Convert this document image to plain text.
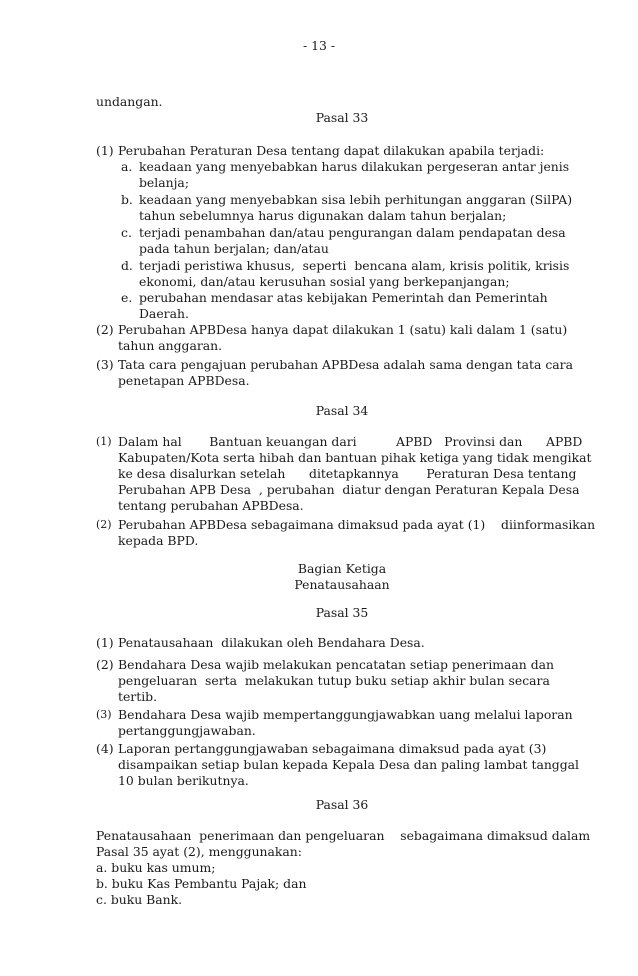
- 13 -
undangan.
Pasal 33
(1) Perubahan Peraturan Desa tentang dapat dilakukan apabila terjadi:
a. keadaan yang menyebabkan harus dilakukan pergeseran antar jenis
belanja;
b. keadaan yang menyebabkan sisa lebih perhitungan anggaran (SilPA)
tahun sebelumnya harus digunakan dalam tahun berjalan;
c. terjadi penambahan dan/atau pengurangan dalam pendapatan desa
pada tahun berjalan; dan/atau
d. terjadi peristiwa khusus,  seperti  bencana alam, krisis politik, krisis
ekonomi, dan/atau kerusuhan sosial yang berkepanjangan;
e. perubahan mendasar atas kebijakan Pemerintah dan Pemerintah
Daerah.
(2) Perubahan APBDesa hanya dapat dilakukan 1 (satu) kali dalam 1 (satu)
tahun anggaran.
(3) Tata cara pengajuan perubahan APBDesa adalah sama dengan tata cara
penetapan APBDesa.
Pasal 34
(1) Dalam hal       Bantuan keuangan dari          APBD   Provinsi dan      APBD
Kabupaten/Kota serta hibah dan bantuan pihak ketiga yang tidak mengikat
ke desa disalurkan setelah      ditetapkannya       Peraturan Desa tentang
Perubahan APB Desa  , perubahan  diatur dengan Peraturan Kepala Desa
tentang perubahan APBDesa.
(2) Perubahan APBDesa sebagaimana dimaksud pada ayat (1)    diinformasikan
kepada BPD.
Bagian Ketiga
Penatausahaan
Pasal 35
(1) Penatausahaan  dilakukan oleh Bendahara Desa.
(2) Bendahara Desa wajib melakukan pencatatan setiap penerimaan dan
pengeluaran  serta  melakukan tutup buku setiap akhir bulan secara
tertib.
(3) Bendahara Desa wajib mempertanggungjawabkan uang melalui laporan
pertanggungjawaban.
(4) Laporan pertanggungjawaban sebagaimana dimaksud pada ayat (3)
disampaikan setiap bulan kepada Kepala Desa dan paling lambat tanggal
10 bulan berikutnya.
Pasal 36
Penatausahaan  penerimaan dan pengeluaran    sebagaimana dimaksud dalam
Pasal 35 ayat (2), menggunakan:
a. buku kas umum;
b. buku Kas Pembantu Pajak; dan
c. buku Bank.
